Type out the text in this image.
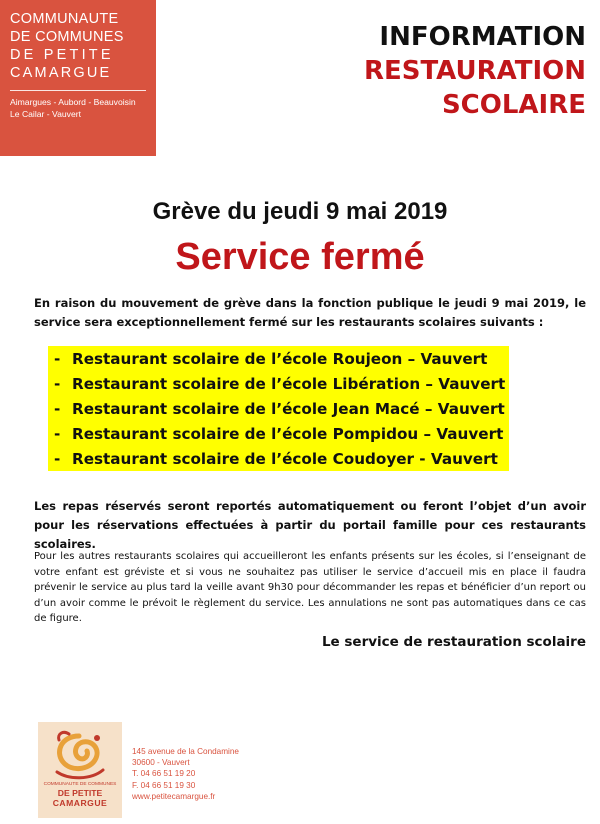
COMMUNAUTE
DE COMMUNES
DE PETITE
CAMARGUE
Aimargues - Aubord - Beauvoisin
Le Cailar - Vauvert
INFORMATION
RESTAURATION
SCOLAIRE
Grève du jeudi 9 mai 2019
Service fermé
En raison du mouvement de grève dans la fonction publique le jeudi 9 mai 2019, le service sera exceptionnellement fermé sur les restaurants scolaires suivants :
- Restaurant scolaire de l’école Roujeon – Vauvert
- Restaurant scolaire de l’école Libération – Vauvert
- Restaurant scolaire de l’école Jean Macé – Vauvert
- Restaurant scolaire de l’école Pompidou – Vauvert
- Restaurant scolaire de l’école Coudoyer - Vauvert
Les repas réservés seront reportés automatiquement ou feront l’objet d’un avoir pour les réservations effectuées à partir du portail famille pour ces restaurants scolaires.
Pour les autres restaurants scolaires qui accueilleront les enfants présents sur les écoles, si l’enseignant de votre enfant est gréviste et si vous ne souhaitez pas utiliser le service d’accueil mis en place il faudra prévenir le service au plus tard la veille avant 9h30 pour décommander les repas et bénéficier d’un report ou d’un avoir comme le prévoit le règlement du service. Les annulations ne sont pas automatiques dans ce cas de figure.
Le service de restauration scolaire
COMMUNAUTE DE COMMUNES
DE PETITE
CAMARGUE
145 avenue de la Condamine
30600 - Vauvert
T. 04 66 51 19 20
F. 04 66 51 19 30
www.petitecamargue.fr
